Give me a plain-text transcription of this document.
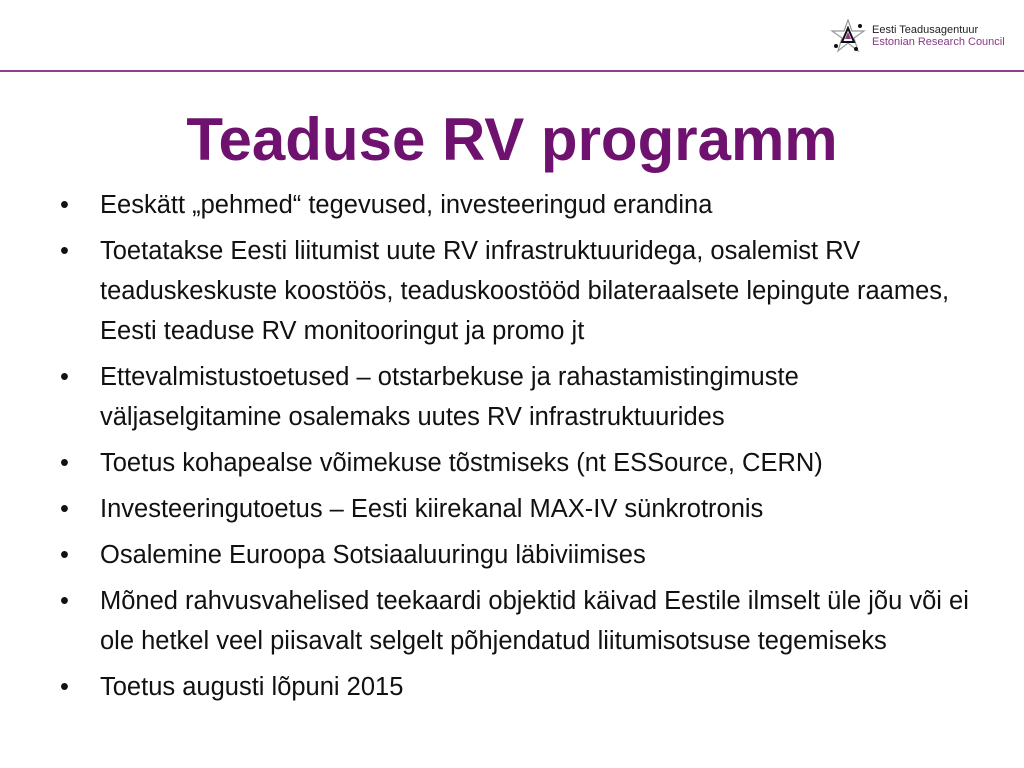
Eesti Teadusagentuur
Estonian Research Council
Teaduse RV programm
• Eeskätt „pehmed“ tegevused, investeeringud erandina
• Toetatakse Eesti liitumist uute RV infrastruktuuridega, osalemist RV teaduskeskuste koostöös, teaduskoostööd bilateraalsete lepingute raames, Eesti teaduse RV monitooringut ja promo jt
• Ettevalmistustoetused – otstarbekuse ja rahastamistingimuste väljaselgitamine osalemaks uutes RV infrastruktuurides
• Toetus kohapealse võimekuse tõstmiseks (nt ESSource, CERN)
• Investeeringutoetus – Eesti kiirekanal MAX-IV sünkrotronis
• Osalemine Euroopa Sotsiaaluuringu läbiviimises
• Mõned rahvusvahelised teekaardi objektid käivad Eestile ilmselt üle jõu või ei ole hetkel veel piisavalt selgelt põhjendatud liitumisotsuse tegemiseks
• Toetus augusti lõpuni 2015
